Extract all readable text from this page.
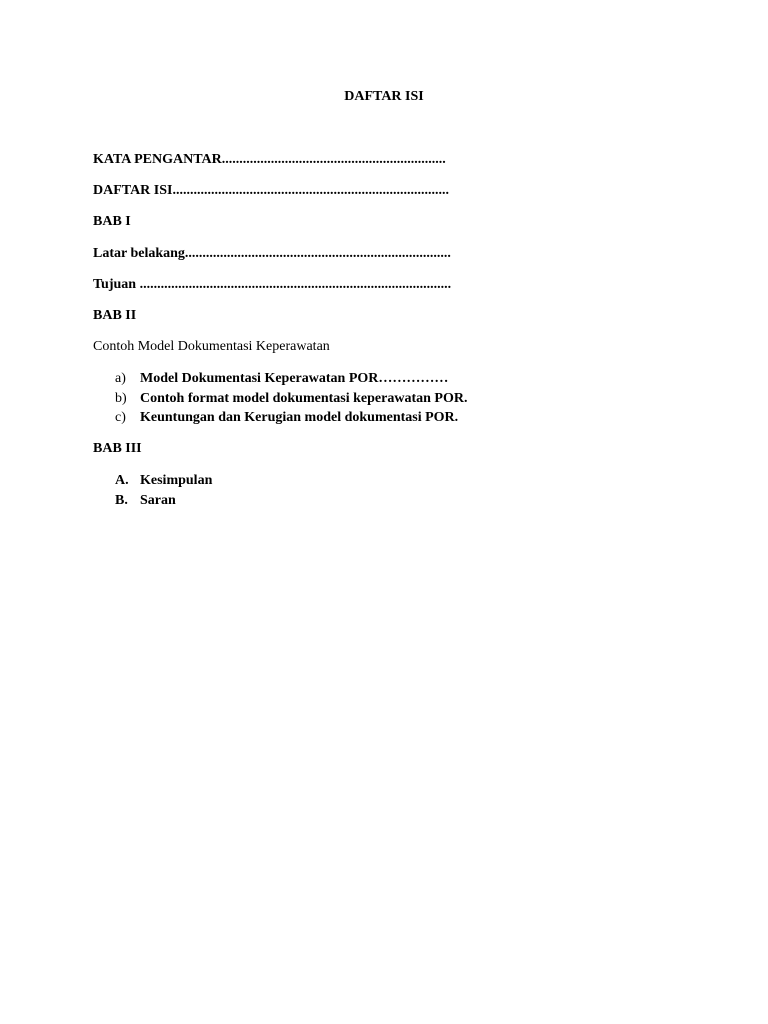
DAFTAR ISI
KATA PENGANTAR................................................................
DAFTAR ISI...............................................................................
BAB I
Latar belakang............................................................................
Tujuan .........................................................................................
BAB II
Contoh Model Dokumentasi Keperawatan
a) Model Dokumentasi Keperawatan POR……………
b) Contoh format model dokumentasi keperawatan POR.
c) Keuntungan dan Kerugian model dokumentasi POR.
BAB III
A. Kesimpulan
B. Saran
